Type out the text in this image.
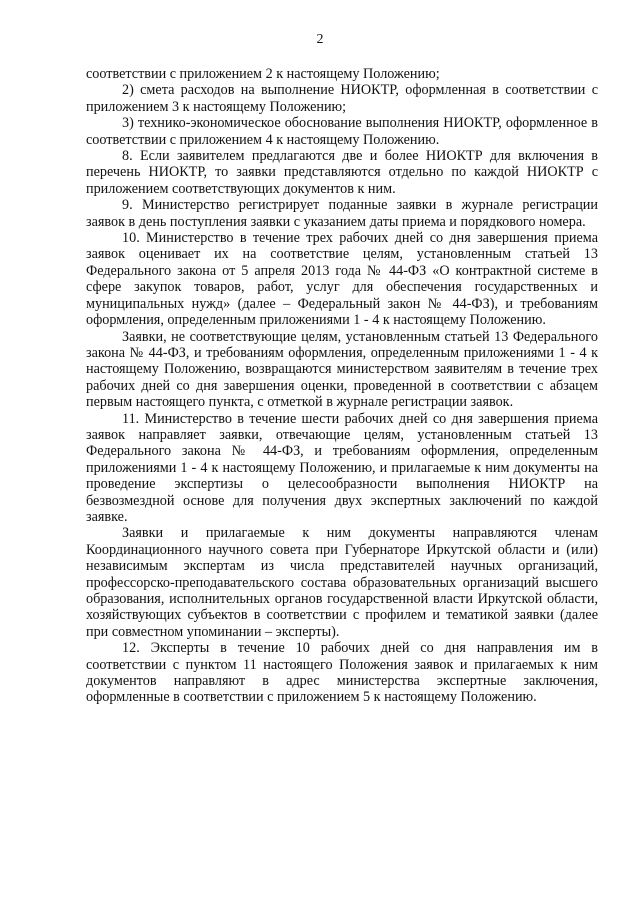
2

соответствии с приложением 2 к настоящему Положению;

2) смета расходов на выполнение НИОКТР, оформленная в соответствии с приложением 3 к настоящему Положению;

3) технико-экономическое обоснование выполнения НИОКТР, оформленное в соответствии с приложением 4 к настоящему Положению.

8. Если заявителем предлагаются две и более НИОКТР для включения в перечень НИОКТР, то заявки представляются отдельно по каждой НИОКТР с приложением соответствующих документов к ним.

9. Министерство регистрирует поданные заявки в журнале регистрации заявок в день поступления заявки с указанием даты приема и порядкового номера.

10. Министерство в течение трех рабочих дней со дня завершения приема заявок оценивает их на соответствие целям, установленным статьей 13 Федерального закона от 5 апреля 2013 года № 44-ФЗ «О контрактной системе в сфере закупок товаров, работ, услуг для обеспечения государственных и муниципальных нужд» (далее – Федеральный закон № 44-ФЗ), и требованиям оформления, определенным приложениями 1 - 4 к настоящему Положению.

Заявки, не соответствующие целям, установленным статьей 13 Федерального закона № 44-ФЗ, и требованиям оформления, определенным приложениями 1 - 4 к настоящему Положению, возвращаются министерством заявителям в течение трех рабочих дней со дня завершения оценки, проведенной в соответствии с абзацем первым настоящего пункта, с отметкой в журнале регистрации заявок.

11. Министерство в течение шести рабочих дней со дня завершения приема заявок направляет заявки, отвечающие целям, установленным статьей 13 Федерального закона № 44-ФЗ, и требованиям оформления, определенным приложениями 1 - 4 к настоящему Положению, и прилагаемые к ним документы на проведение экспертизы о целесообразности выполнения НИОКТР на безвозмездной основе для получения двух экспертных заключений по каждой заявке.

Заявки и прилагаемые к ним документы направляются членам Координационного научного совета при Губернаторе Иркутской области и (или) независимым экспертам из числа представителей научных организаций, профессорско-преподавательского состава образовательных организаций высшего образования, исполнительных органов государственной власти Иркутской области, хозяйствующих субъектов в соответствии с профилем и тематикой заявки (далее при совместном упоминании – эксперты).

12. Эксперты в течение 10 рабочих дней со дня направления им в соответствии с пунктом 11 настоящего Положения заявок и прилагаемых к ним документов направляют в адрес министерства экспертные заключения, оформленные в соответствии с приложением 5 к настоящему Положению.
